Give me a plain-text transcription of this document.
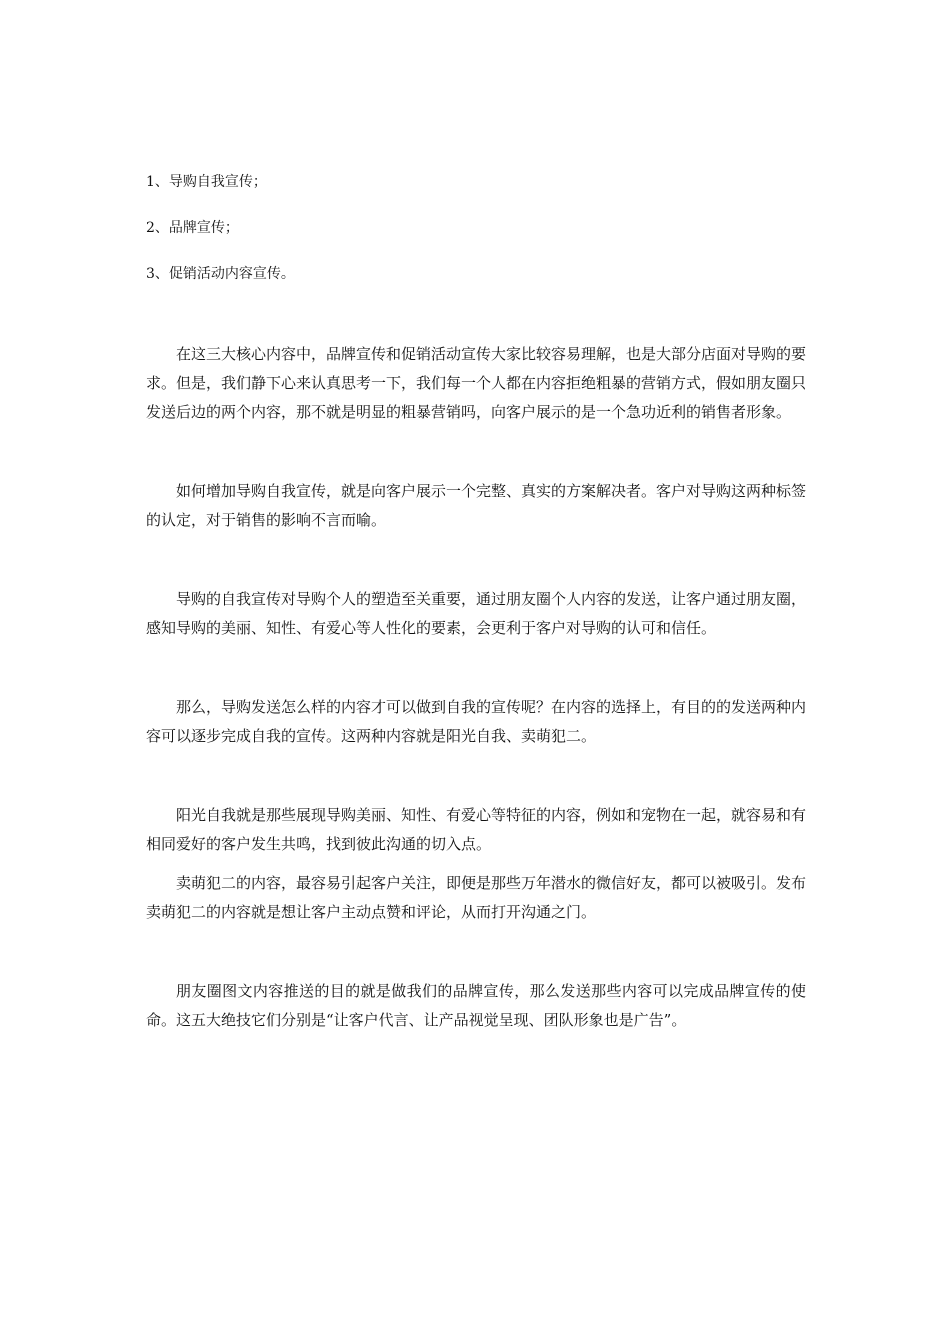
1、导购自我宣传；
2、品牌宣传；
3、促销活动内容宣传。

在这三大核心内容中，品牌宣传和促销活动宣传大家比较容易理解，也是大部分店面对导购的要求。但是，我们静下心来认真思考一下，我们每一个人都在内容拒绝粗暴的营销方式，假如朋友圈只发送后边的两个内容，那不就是明显的粗暴营销吗，向客户展示的是一个急功近利的销售者形象。

如何增加导购自我宣传，就是向客户展示一个完整、真实的方案解决者。客户对导购这两种标签的认定，对于销售的影响不言而喻。

导购的自我宣传对导购个人的塑造至关重要，通过朋友圈个人内容的发送，让客户通过朋友圈，感知导购的美丽、知性、有爱心等人性化的要素，会更利于客户对导购的认可和信任。

那么，导购发送怎么样的内容才可以做到自我的宣传呢？在内容的选择上，有目的的发送两种内容可以逐步完成自我的宣传。这两种内容就是阳光自我、卖萌犯二。

阳光自我就是那些展现导购美丽、知性、有爱心等特征的内容，例如和宠物在一起，就容易和有相同爱好的客户发生共鸣，找到彼此沟通的切入点。

卖萌犯二的内容，最容易引起客户关注，即便是那些万年潜水的微信好友，都可以被吸引。发布卖萌犯二的内容就是想让客户主动点赞和评论，从而打开沟通之门。

朋友圈图文内容推送的目的就是做我们的品牌宣传，那么发送那些内容可以完成品牌宣传的使命。这五大绝技它们分别是“让客户代言、让产品视觉呈现、团队形象也是广告”。
